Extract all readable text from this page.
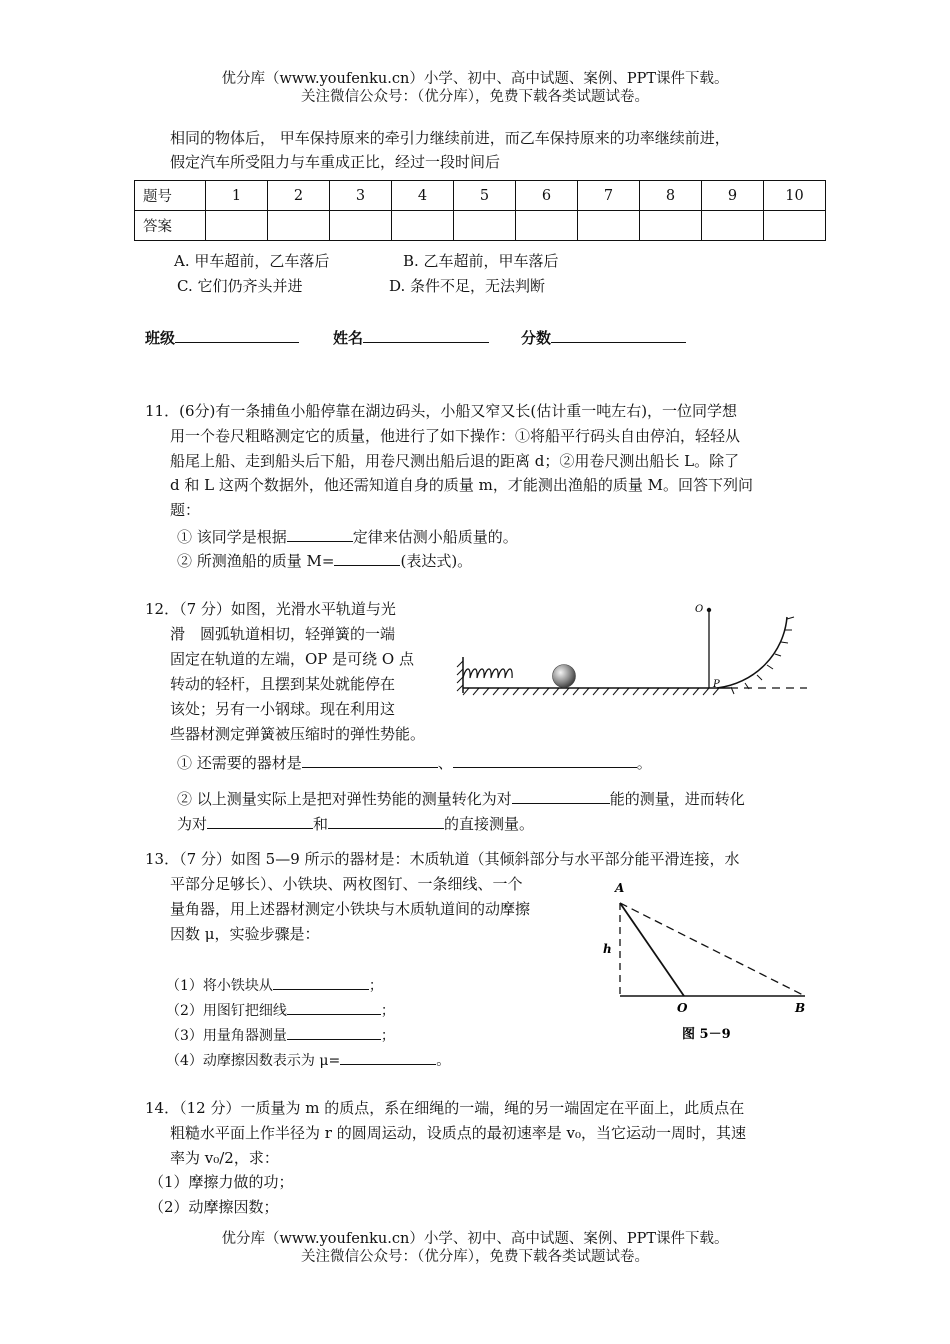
优分库（www.youfenku.cn）小学、初中、高中试题、案例、PPT课件下载。
关注微信公众号：（优分库），免费下载各类试题试卷。
相同的物体后， 甲车保持原来的牵引力继续前进，而乙车保持原来的功率继续前进，
假定汽车所受阻力与车重成正比，经过一段时间后
题号	1	2	3	4	5	6	7	8	9	10
答案										
A. 甲车超前，乙车落后	B. 乙车超前，甲车落后
C. 它们仍齐头并进	D. 条件不足，无法判断
班级	姓名	分数
11．(6分)有一条捕鱼小船停靠在湖边码头，小船又窄又长(估计重一吨左右)，一位同学想
用一个卷尺粗略测定它的质量，他进行了如下操作：①将船平行码头自由停泊，轻轻从
船尾上船、走到船头后下船，用卷尺测出船后退的距离 d；②用卷尺测出船长 L。除了
d 和 L 这两个数据外，他还需知道自身的质量 m，才能测出渔船的质量 M。回答下列问
题：
① 该同学是根据	定律来估测小船质量的。
② 所测渔船的质量 M=	(表达式)。
12．（7 分）如图，光滑水平轨道与光
滑　圆弧轨道相切，轻弹簧的一端
固定在轨道的左端，OP 是可绕 O 点
转动的轻杆，且摆到某处就能停在
该处；另有一小钢球。现在利用这
些器材测定弹簧被压缩时的弹性势能。
O
P
① 还需要的器材是	、	。
② 以上测量实际上是把对弹性势能的测量转化为对	能的测量，进而转化
为对	和	的直接测量。
13．（7 分）如图 5—9 所示的器材是：木质轨道（其倾斜部分与水平部分能平滑连接，水
平部分足够长）、小铁块、两枚图钉、一条细线、一个
量角器，用上述器材测定小铁块与木质轨道间的动摩擦
因数 μ，实验步骤是：
（1）将小铁块从	；
（2）用图钉把细线	；
（3）用量角器测量	；
（4）动摩擦因数表示为 μ=	。
A
h
O	B
图 5－9
14．（12 分）一质量为 m 的质点，系在细绳的一端，绳的另一端固定在平面上，此质点在
粗糙水平面上作半径为 r 的圆周运动，设质点的最初速率是 v₀，当它运动一周时，其速
率为 v₀/2，求：
（1）摩擦力做的功；
（2）动摩擦因数；
优分库（www.youfenku.cn）小学、初中、高中试题、案例、PPT课件下载。
关注微信公众号：（优分库），免费下载各类试题试卷。
